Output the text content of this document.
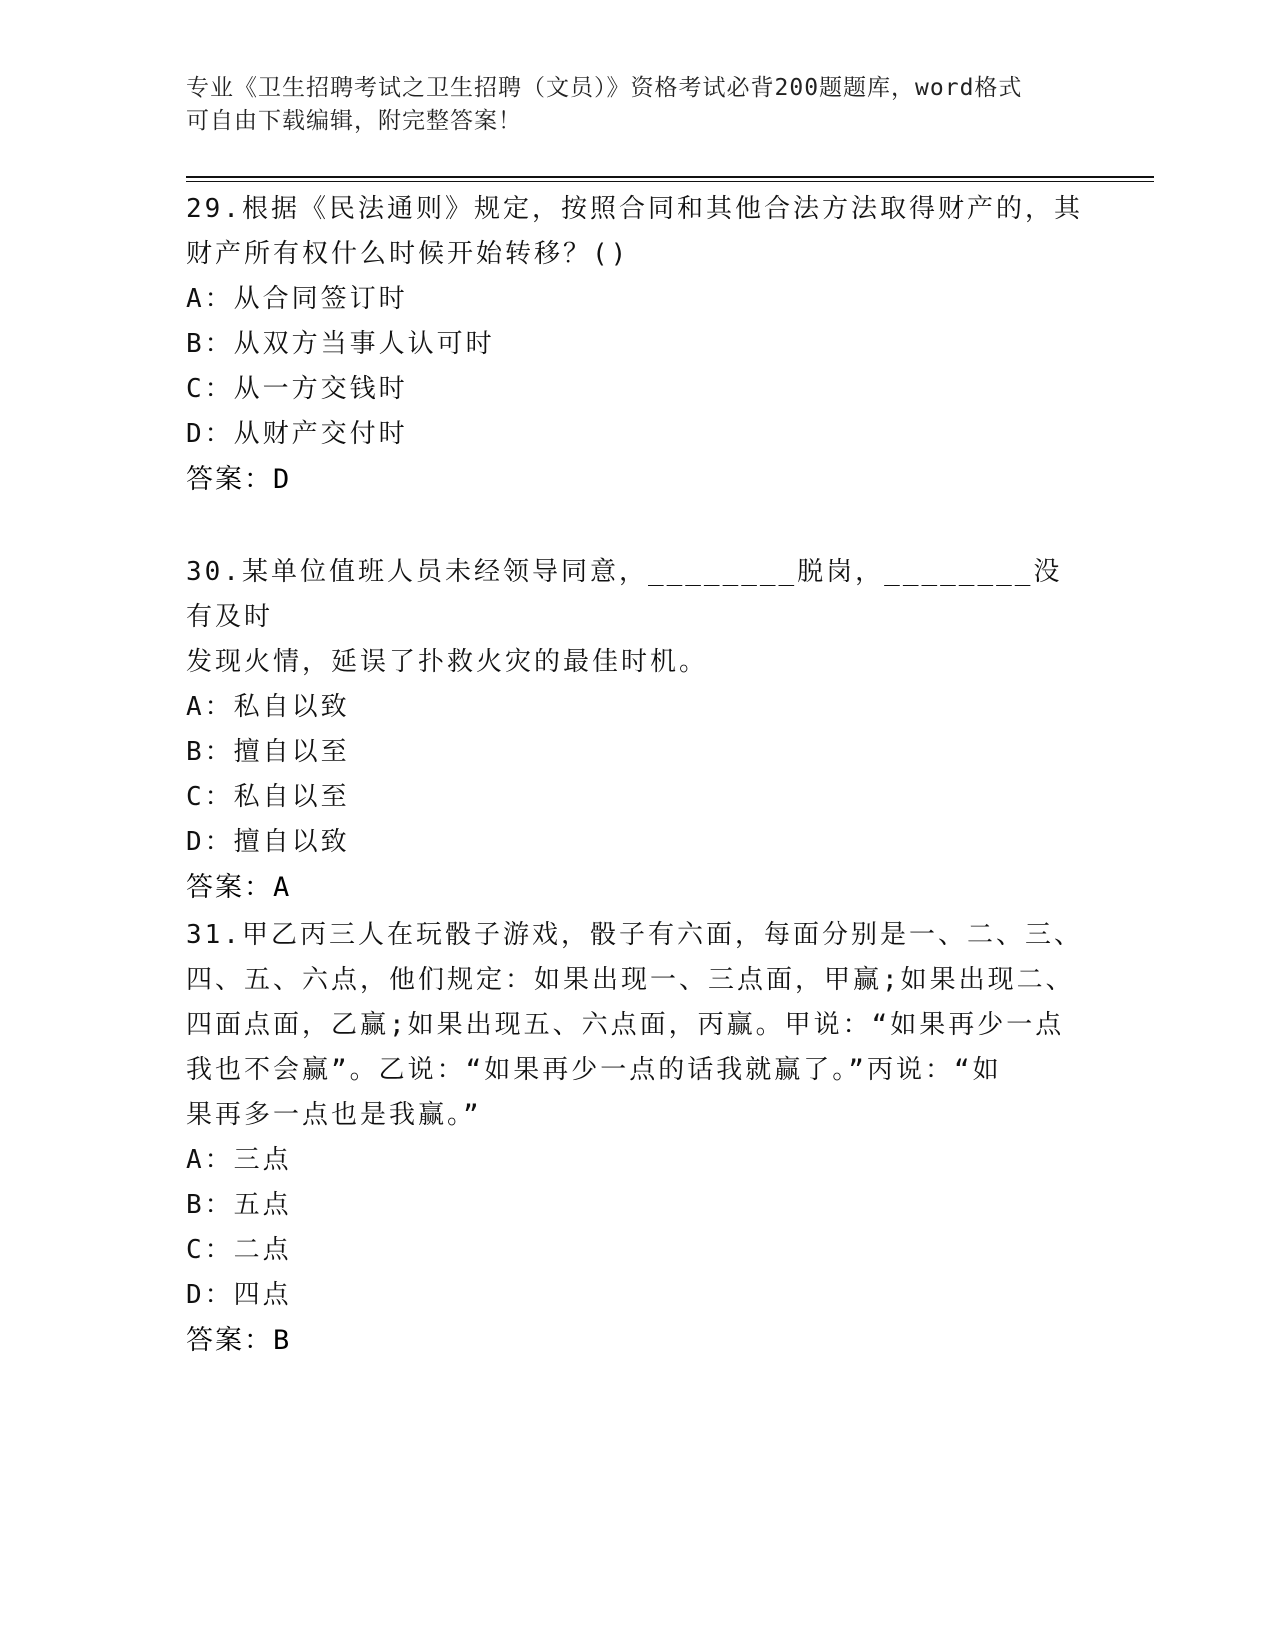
专业《卫生招聘考试之卫生招聘（文员）》资格考试必背200题题库，word格式
可自由下载编辑，附完整答案！

29.根据《民法通则》规定，按照合同和其他合法方法取得财产的，其

财产所有权什么时候开始转移？()

A：从合同签订时

B：从双方当事人认可时

C：从一方交钱时

D：从财产交付时

答案：D

30.某单位值班人员未经领导同意，________脱岗，________没有及时

发现火情，延误了扑救火灾的最佳时机。

A：私自以致

B：擅自以至

C：私自以至

D：擅自以致

答案：A

31.甲乙丙三人在玩骰子游戏，骰子有六面，每面分别是一、二、三、

四、五、六点，他们规定：如果出现一、三点面，甲赢;如果出现二、

四面点面，乙赢;如果出现五、六点面，丙赢。甲说：“如果再少一点

我也不会赢”。乙说：“如果再少一点的话我就赢了。”丙说：“如

果再多一点也是我赢。”

A：三点

B：五点

C：二点

D：四点

答案：B
